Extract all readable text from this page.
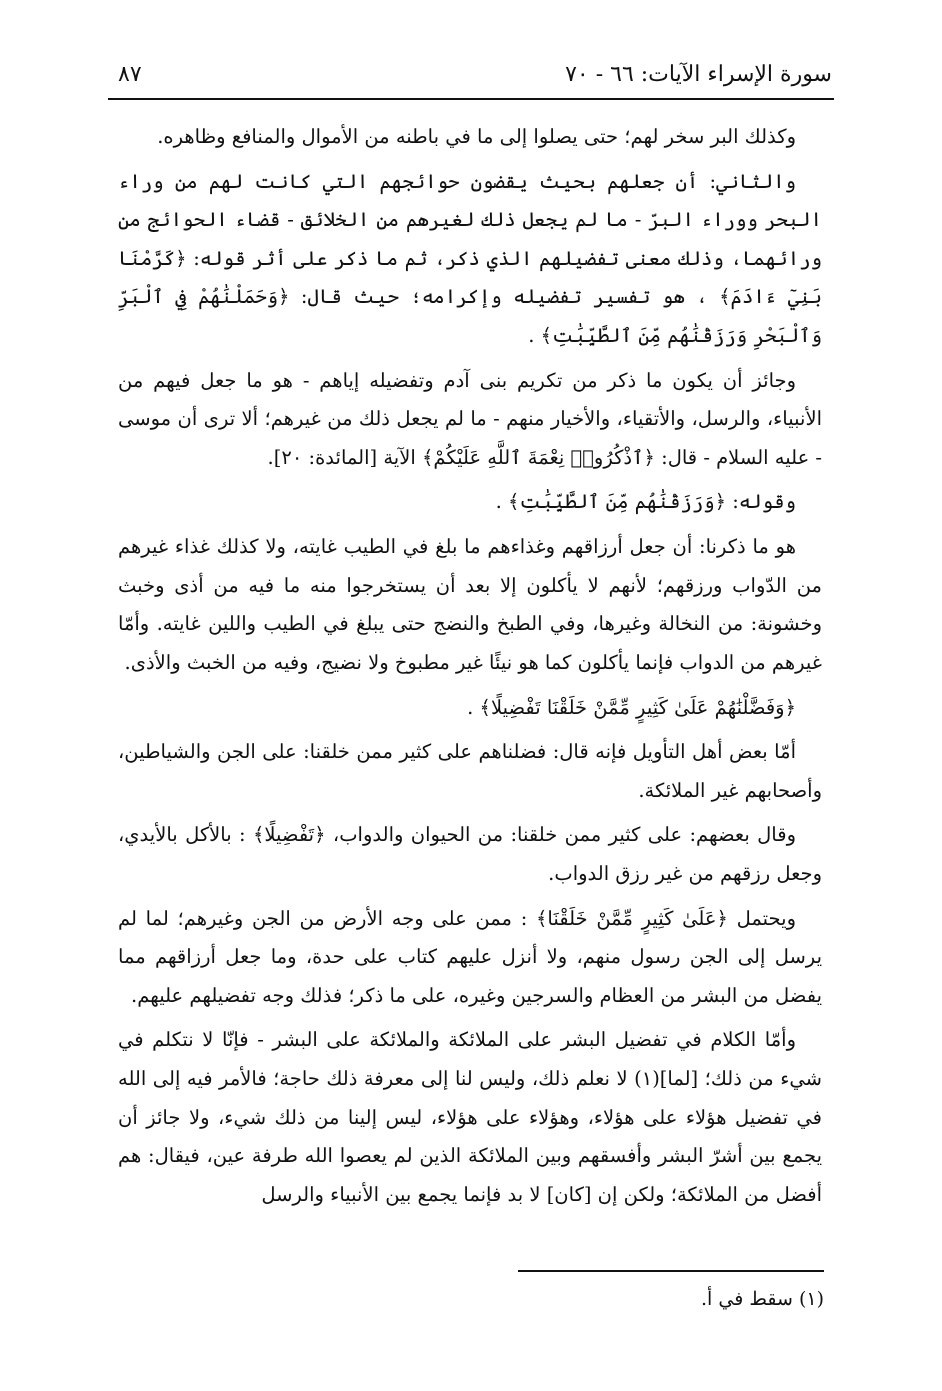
سورة الإسراء الآيات: ٦٦ - ٧٠
٨٧

وكذلك البر سخر لهم؛ حتى يصلوا إلى ما في باطنه من الأموال والمنافع وظاهره.

والثاني: أن جعلهم بحيث يقضون حوائجهم التي كانت لهم من وراء البحر ووراء البرّ - ما لم يجعل ذلك لغيرهم من الخلائق - قضاء الحوائج من ورائهما، وذلك معنى تفضيلهم الذي ذكر، ثم ما ذكر على أثر قوله: ﴿كَرَّمْنَا بَنِيٓ ءَادَمَ﴾ ، هو تفسير تفضيله وإكرامه؛ حيث قال: ﴿وَحَمَلْنَٰهُمْ فِي ٱلْبَرِّ وَٱلْبَحْرِ وَرَزَقْنَٰهُم مِّنَ ٱلطَّيِّبَٰتِ﴾ .

وجائز أن يكون ما ذكر من تكريم بنى آدم وتفضيله إياهم - هو ما جعل فيهم من الأنبياء، والرسل، والأتقياء، والأخيار منهم - ما لم يجعل ذلك من غيرهم؛ ألا ترى أن موسى - عليه السلام - قال: ﴿ٱذْكُرُوا۟ نِعْمَةَ ٱللَّهِ عَلَيْكُمْ﴾ الآية [المائدة: ٢٠].

وقوله: ﴿وَرَزَقْنَٰهُم مِّنَ ٱلطَّيِّبَٰتِ﴾ .

هو ما ذكرنا: أن جعل أرزاقهم وغذاءهم ما بلغ في الطيب غايته، ولا كذلك غذاء غيرهم من الدّواب ورزقهم؛ لأنهم لا يأكلون إلا بعد أن يستخرجوا منه ما فيه من أذى وخبث وخشونة: من النخالة وغيرها، وفي الطبخ والنضج حتى يبلغ في الطيب واللين غايته. وأمّا غيرهم من الدواب فإنما يأكلون كما هو نيئًا غير مطبوخ ولا نضيج، وفيه من الخبث والأذى.

﴿وَفَضَّلْنَٰهُمْ عَلَىٰ كَثِيرٍ مِّمَّنْ خَلَقْنَا تَفْضِيلًا﴾ .

أمّا بعض أهل التأويل فإنه قال: فضلناهم على كثير ممن خلقنا: على الجن والشياطين، وأصحابهم غير الملائكة.

وقال بعضهم: على كثير ممن خلقنا: من الحيوان والدواب، ﴿تَفْضِيلًا﴾ : بالأكل بالأيدي، وجعل رزقهم من غير رزق الدواب.

ويحتمل ﴿عَلَىٰ كَثِيرٍ مِّمَّنْ خَلَقْنَا﴾ : ممن على وجه الأرض من الجن وغيرهم؛ لما لم يرسل إلى الجن رسول منهم، ولا أنزل عليهم كتاب على حدة، وما جعل أرزاقهم مما يفضل من البشر من العظام والسرجين وغيره، على ما ذكر؛ فذلك وجه تفضيلهم عليهم.

وأمّا الكلام في تفضيل البشر على الملائكة والملائكة على البشر - فإنّا لا نتكلم في شيء من ذلك؛ [لما](١) لا نعلم ذلك، وليس لنا إلى معرفة ذلك حاجة؛ فالأمر فيه إلى الله في تفضيل هؤلاء على هؤلاء، وهؤلاء على هؤلاء، ليس إلينا من ذلك شيء، ولا جائز أن يجمع بين أشرّ البشر وأفسقهم وبين الملائكة الذين لم يعصوا الله طرفة عين، فيقال: هم أفضل من الملائكة؛ ولكن إن [كان] لا بد فإنما يجمع بين الأنبياء والرسل

(١) سقط في أ.
